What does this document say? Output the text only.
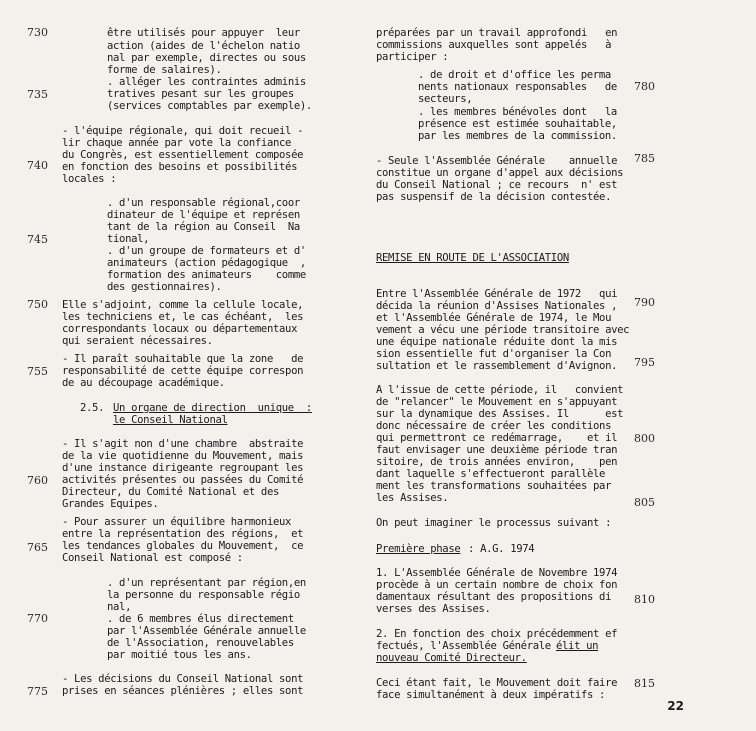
730
735
740
745
750
755
760
765
770
775
780
785
790
795
800
805
810
815
être utilisés pour appuyer  leur
action (aides de l'échelon natio
nal par exemple, directes ou sous
forme de salaires).
. alléger les contraintes adminis
tratives pesant sur les groupes
(services comptables par exemple).
- l'équipe régionale, qui doit recueil -
lir chaque année par vote la confiance
du Congrès, est essentiellement composée
en fonction des besoins et possibilités
locales :
. d'un responsable régional,coor
dinateur de l'équipe et représen
tant de la région au Conseil  Na
tional,
. d'un groupe de formateurs et d'
animateurs (action pédagogique  ,
formation des animateurs    comme
des gestionnaires).
Elle s'adjoint, comme la cellule locale,
les techniciens et, le cas échéant,  les
correspondants locaux ou départementaux
qui seraient nécessaires.
- Il paraît souhaitable que la zone   de
responsabilité de cette équipe correspon
de au découpage académique.
2.5. Un organe de direction  unique  :
le Conseil National
- Il s'agit non d'une chambre  abstraite
de la vie quotidienne du Mouvement, mais
d'une instance dirigeante regroupant les
activités présentes ou passées du Comité
Directeur, du Comité National et des
Grandes Equipes.
- Pour assurer un équilibre harmonieux
entre la représentation des régions,  et
les tendances globales du Mouvement,  ce
Conseil National est composé :
. d'un représentant par région,en
la personne du responsable régio
nal,
. de 6 membres élus directement
par l'Assemblée Générale annuelle
de l'Association, renouvelables
par moitié tous les ans.
- Les décisions du Conseil National sont
prises en séances plénières ; elles sont
préparées par un travail approfondi   en
commissions auxquelles sont appelés   à
participer :
. de droit et d'office les perma
nents nationaux responsables   de
secteurs,
. les membres bénévoles dont   la
présence est estimée souhaitable,
par les membres de la commission.
- Seule l'Assemblée Générale    annuelle
constitue un organe d'appel aux décisions
du Conseil National ; ce recours  n' est
pas suspensif de la décision contestée.
REMISE EN ROUTE DE L'ASSOCIATION
Entre l'Assemblée Générale de 1972   qui
décida la réunion d'Assises Nationales ,
et l'Assemblée Générale de 1974, le Mou
vement a vécu une période transitoire avec
une équipe nationale réduite dont la mis
sion essentielle fut d'organiser la Con
sultation et le rassemblement d'Avignon.
A l'issue de cette période, il   convient
de "relancer" le Mouvement en s'appuyant
sur la dynamique des Assises. Il      est
donc nécessaire de créer les conditions
qui permettront ce redémarrage,    et il
faut envisager une deuxième période tran
sitoire, de trois années environ,    pen
dant laquelle s'effectueront parallèle
ment les transformations souhaitées par
les Assises.
On peut imaginer le processus suivant :
Première phase : A.G. 1974
1. L'Assemblée Générale de Novembre 1974
procède à un certain nombre de choix fon
damentaux résultant des propositions di
verses des Assises.
2. En fonction des choix précédemment ef
fectués, l'Assemblée Générale élit un
nouveau Comité Directeur.
Ceci étant fait, le Mouvement doit faire
face simultanément à deux impératifs :
22
